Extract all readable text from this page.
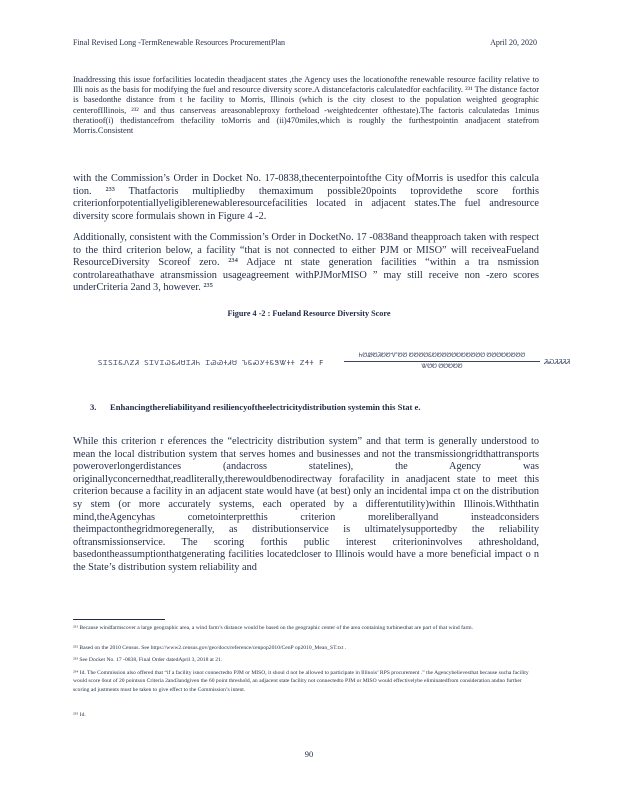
Final Revised Long -TermRenewable Resources ProcurementPlan	April 20, 2020
Inaddressing this issue forfacilities locatedin theadjacent states ,the Agency uses the locationofthe renewable resource facility relative to Illi nois as the basis for modifying the fuel and resource diversity score.A distancefactoris calculatedfor eachfacility. ²³¹ The distance factor is basedonthe distance from t he facility to Morris, Illinois (which is the city closest to the population weighted geographic centerofIllinois, ²³² and thus canserveas areasonableproxy fortheload -weightedcenter ofthestate).The factoris calculatedas 1minus theratioof(i) thedistancefrom thefacility toMorris and (ii)470miles,which is roughly the furthestpointin anadjacent statefrom Morris.Consistent
with the Commission’s Order in Docket No. 17-0838,thecenterpointofthe City ofMorris is usedfor this calcula tion. ²³³ Thatfactoris multipliedby themaximum possible20points toprovidethe score forthis criterionforpotentiallyeligiblerenewableresourcefacilities located in adjacent states.The fuel andresource diversity score formulais shown in Figure 4 -2.
Additionally, consistent with the Commission’s Order in DocketNo. 17 -0838and theapproach taken with respect to the third criterion below, a facility “that is not connected to either PJM or MISO” will receiveaFueland ResourceDiversity Scoreof zero. ²³⁴ Adjace nt state generation facilities “within a tra nsmission controlareathathave atransmission usageagreement withPJMorMISO ” may still receive non -zero scores underCriteria 2and 3, however. ²³⁵
Figure 4 -2 : Fueland Resource Diversity Score
ᏚᏆᏚᏆᏋᏁᏃᏘ ᏚᏆᏙᏆᏇᏋᏗᏌᏆᏘᏂ ᏆᏊᏊᏐᏗᏌ ᏖᏋᏍᎩᏐᏋᏕᏔᏐᏐ ᏃᏎᏐ F
ᏂᏬᏪᏬᏘᏬᏬᏉᏬᏬ ᏬᏬᏬᏬᏋᏬᏬᏬᏬᏬᏬᏬᏬᏬᏬᏬ ᏬᏬᏬᏬᏬᏬᏬᏬ
ᏔᏬᏬ ᏬᏬᏬᏬᏬ
ᏘᏍᏘᏘᏘᏘ
3. Enhancingthereliabilityand resiliencyoftheelectricitydistribution systemin this Stat e.
While this criterion r eferences the “electricity distribution system” and that term is generally understood to mean the local distribution system that serves homes and businesses and not the transmissiongridthattransports poweroverlongerdistances (andacross statelines), the Agency was originallyconcernedthat,readliterally,therewouldbenodirectway forafacility in anadjacent state to meet this criterion because a facility in an adjacent state would have (at best) only an incidental impa ct on the distribution sy stem (or more accurately systems, each operated by a differentutility)within Illinois.Withthatin mind,theAgencyhas cometointerpretthis criterion moreliberallyand insteadconsiders theimpactonthegridmoregenerally, as distributionservice is ultimatelysupportedby the reliability oftransmissionservice. The scoring forthis public interest criterioninvolves athresholdand, basedontheassumptionthatgenerating facilities locatedcloser to Illinois would have a more beneficial impact o n the State’s distribution system reliability and
²³¹ Because windfarmscover a large geographic area, a wind farm’s distance would be based on the geographic center of the area containing turbinesthat are part of that wind farm.
²³² Based on the 2010 Census. See https://www2.census.gov/geo/docs/reference/cenpop2010/CenP op2010_Mean_ST.txt .
²³³ See Docket No. 17 -0838, Final Order datedApril 3, 2018 at 21.
²³⁴ Id. The Commission also offered that “if a facility isnot connectedto PJM or MISO, it shoul d not be allowed to participate in Illinois’ RPS procurement .” the Agencybelievesthat because sucha facility would score 0out of 20 pointson Criteria 2and3andgiven the 60 point threshold, an adjacent state facility not connectedto PJM or MISO would effectivelybe eliminatedfrom consideration andno further scoring ad justments must be taken to give effect to the Commission’s intent.
²³⁵ Id.
90
